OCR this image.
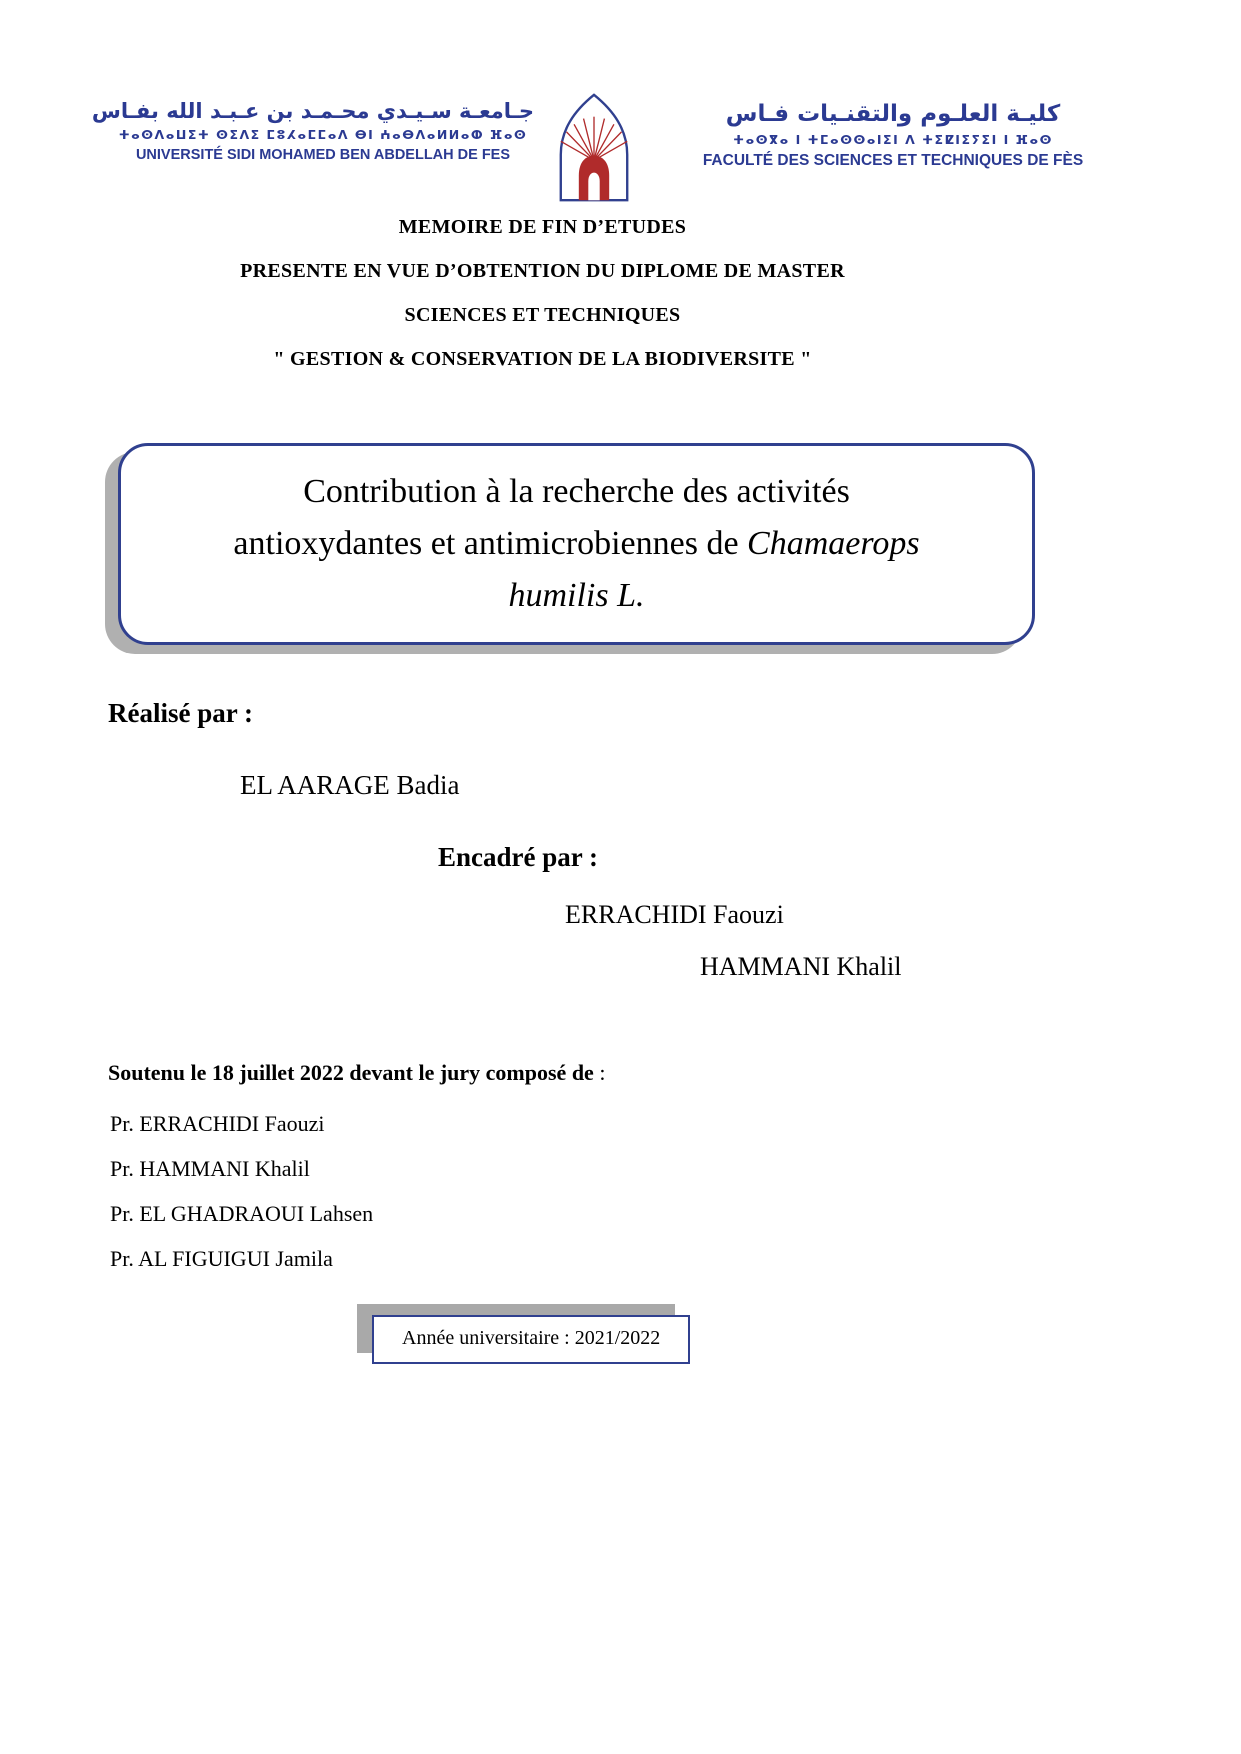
جـامعـة سـيـدي محـمـد بن عـبـد الله بفـاس
ⵜⴰⵙⴷⴰⵡⵉⵜ ⵙⵉⴷⵉ ⵎⵓⵃⴰⵎⵎⴰⴷ ⴱⵏ ⵄⴰⴱⴷⴰⵍⵍⴰⵀ ⴼⴰⵙ
UNIVERSITÉ SIDI MOHAMED BEN ABDELLAH DE FES
كليـة العلـوم والتقنـيات فـاس
ⵜⴰⵙⴳⴰ ⵏ ⵜⵎⴰⵙⵙⴰⵏⵉⵏ ⴷ ⵜⵉⵇⵏⵉⵢⵉⵏ ⵏ ⴼⴰⵙ
FACULTÉ DES SCIENCES ET TECHNIQUES DE FÈS

MEMOIRE DE FIN D’ETUDES

PRESENTE EN VUE D’OBTENTION DU DIPLOME DE MASTER

SCIENCES ET TECHNIQUES

" GESTION & CONSERVATION DE LA BIODIVERSITE "

Contribution à la recherche des activités
antioxydantes et antimicrobiennes de Chamaerops
humilis L.
Réalisé par :
EL AARAGE Badia
Encadré par :
ERRACHIDI Faouzi
HAMMANI Khalil
Soutenu le 18 juillet 2022 devant le jury composé de :

Pr. ERRACHIDI Faouzi

Pr. HAMMANI Khalil

Pr. EL GHADRAOUI Lahsen

Pr. AL FIGUIGUI Jamila

Année universitaire : 2021/2022
